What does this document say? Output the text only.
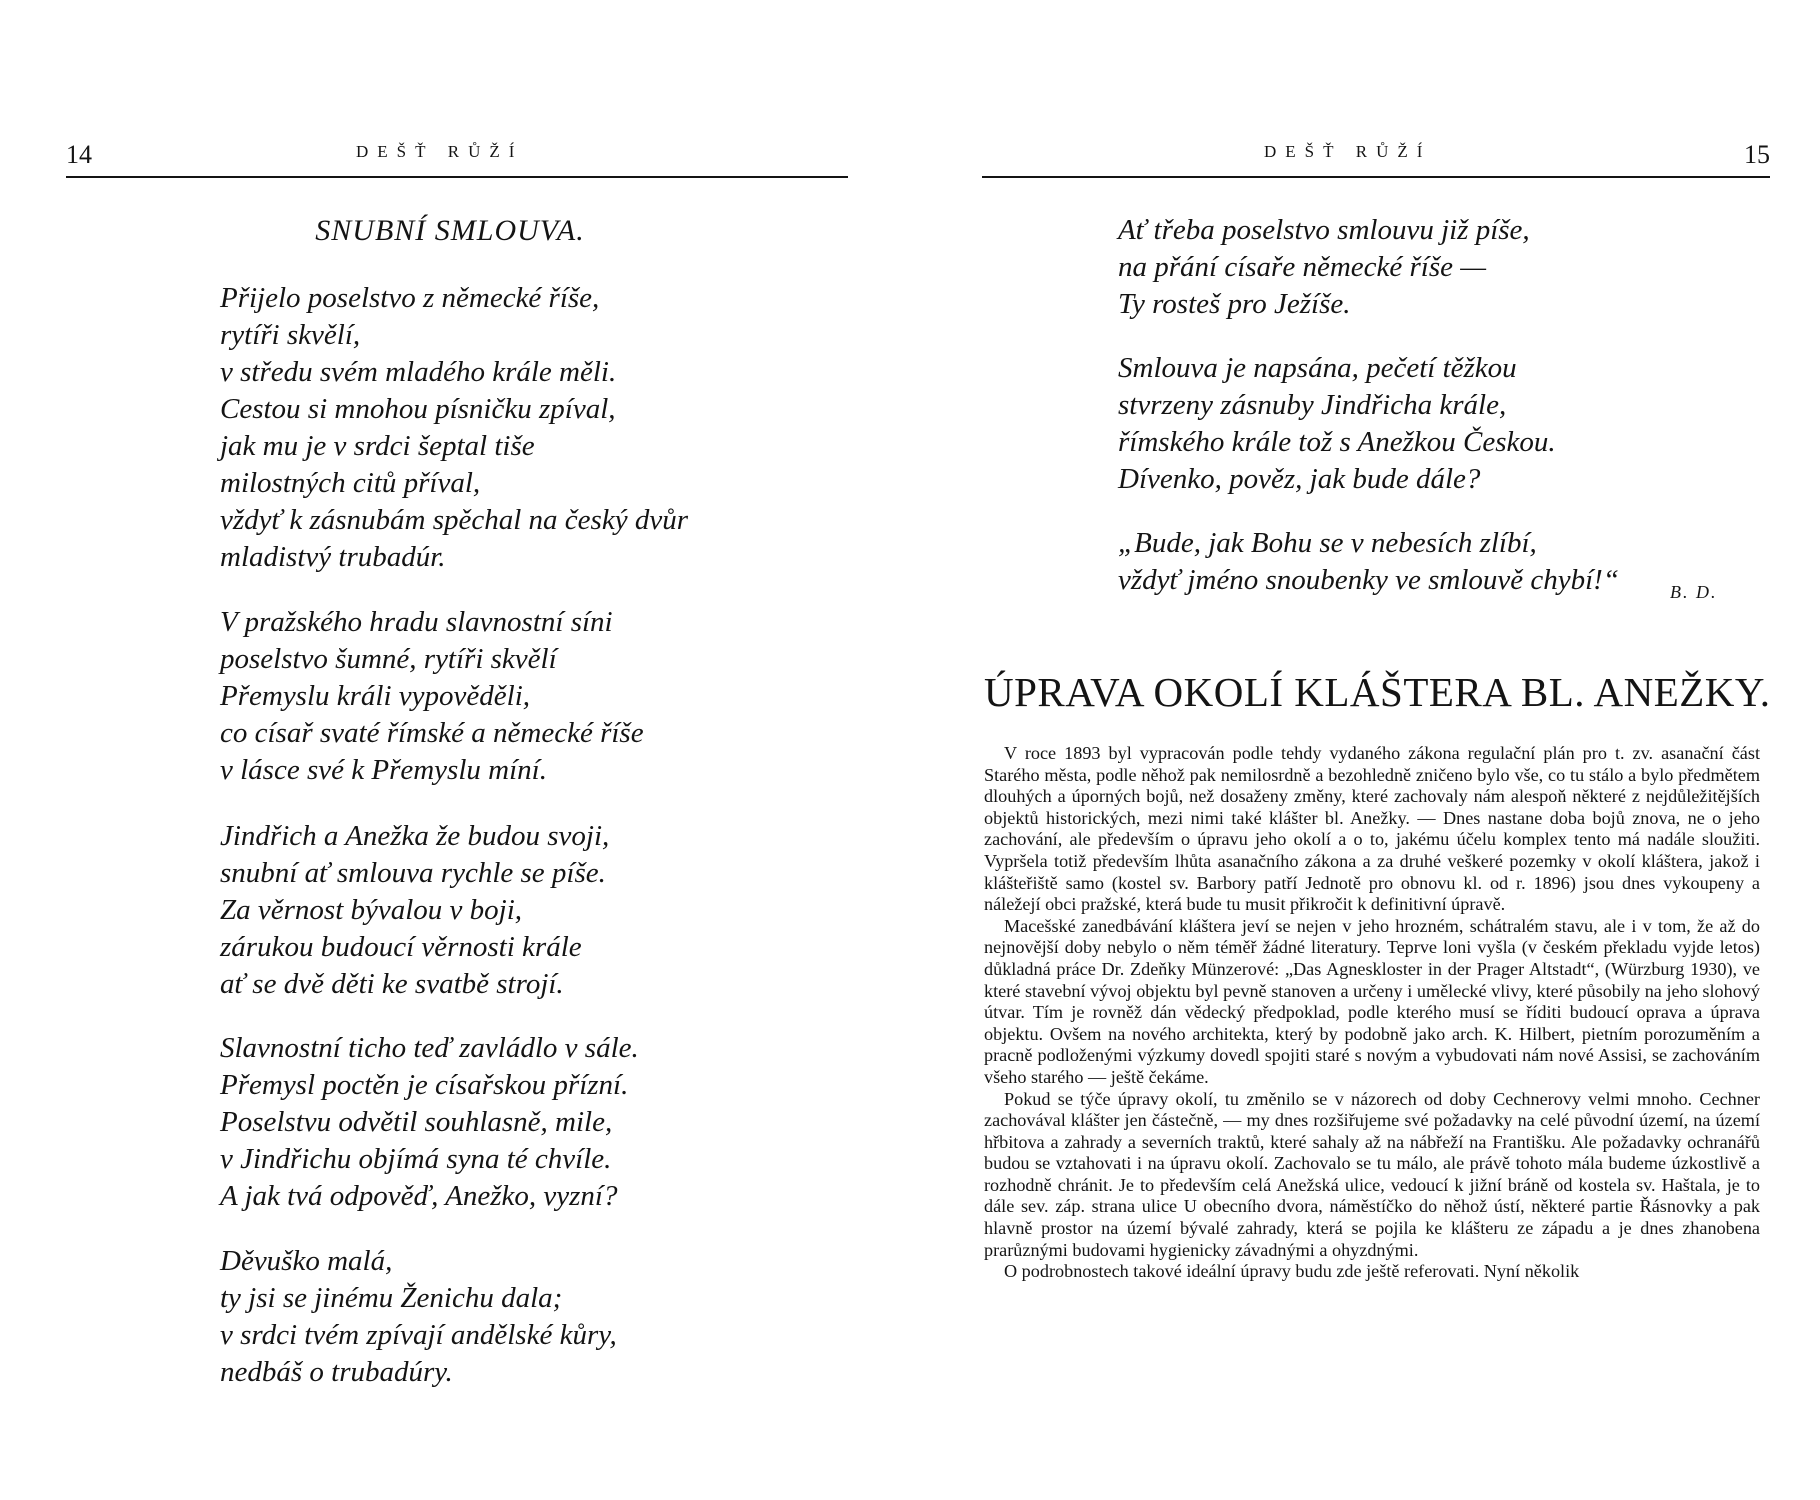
14	DEŠŤ RŮŽÍ
SNUBNÍ SMLOUVA.
Přijelo poselstvo z německé říše,
rytíři skvělí,
v středu svém mladého krále měli.
Cestou si mnohou písničku zpíval,
jak mu je v srdci šeptal tiše
milostných citů příval,
vždyť k zásnubám spěchal na český dvůr
mladistvý trubadúr.
V pražského hradu slavnostní síni
poselstvo šumné, rytíři skvělí
Přemyslu králi vypověděli,
co císař svaté římské a německé říše
v lásce své k Přemyslu míní.
Jindřich a Anežka že budou svoji,
snubní ať smlouva rychle se píše.
Za věrnost bývalou v boji,
zárukou budoucí věrnosti krále
ať se dvě děti ke svatbě strojí.
Slavnostní ticho teď zavládlo v sále.
Přemysl poctěn je císařskou přízní.
Poselstvu odvětil souhlasně, mile,
v Jindřichu objímá syna té chvíle.
A jak tvá odpověď, Anežko, vyzní?
Děvuško malá,
ty jsi se jinému Ženichu dala;
v srdci tvém zpívají andělské kůry,
nedbáš o trubadúry.
DEŠŤ RŮŽÍ	15
Ať třeba poselstvo smlouvu již píše,
na přání císaře německé říše —
Ty rosteš pro Ježíše.
Smlouva je napsána, pečetí těžkou
stvrzeny zásnuby Jindřicha krále,
římského krále tož s Anežkou Českou.
Dívenko, pověz, jak bude dále?
„Bude, jak Bohu se v nebesích zlíbí,
vždyť jméno snoubenky ve smlouvě chybí!“	B. D.
ÚPRAVA OKOLÍ KLÁŠTERA BL. ANEŽKY.

V roce 1893 byl vypracován podle tehdy vydaného zákona regulační plán pro t. zv. asanační část Starého města, podle něhož pak nemilosrdně a bezohledně zničeno bylo vše, co tu stálo a bylo předmětem dlouhých a úporných bojů, než dosaženy změny, které zachovaly nám alespoň některé z nejdůležitějších objektů historických, mezi nimi také klášter bl. Anežky. — Dnes nastane doba bojů znova, ne o jeho zachování, ale především o úpravu jeho okolí a o to, jakému účelu komplex tento má nadále sloužiti. Vypršela totiž především lhůta asanačního zákona a za druhé veškeré pozemky v okolí kláštera, jakož i klášteřiště samo (kostel sv. Barbory patří Jednotě pro obnovu kl. od r. 1896) jsou dnes vykoupeny a náležejí obci pražské, která bude tu musit přikročit k definitivní úpravě.

Macešské zanedbávání kláštera jeví se nejen v jeho hrozném, schátralém stavu, ale i v tom, že až do nejnovější doby nebylo o něm téměř žádné literatury. Teprve loni vyšla (v českém překladu vyjde letos) důkladná práce Dr. Zdeňky Münzerové: „Das Agneskloster in der Prager Altstadt“, (Würzburg 1930), ve které stavební vývoj objektu byl pevně stanoven a určeny i umělecké vlivy, které působily na jeho slohový útvar. Tím je rovněž dán vědecký předpoklad, podle kterého musí se říditi budoucí oprava a úprava objektu. Ovšem na nového architekta, který by podobně jako arch. K. Hilbert, pietním porozuměním a pracně podloženými výzkumy dovedl spojiti staré s novým a vybudovati nám nové Assisi, se zachováním všeho starého — ještě čekáme.

Pokud se týče úpravy okolí, tu změnilo se v názorech od doby Cechnerovy velmi mnoho. Cechner zachovával klášter jen částečně, — my dnes rozšiřujeme své požadavky na celé původní území, na území hřbitova a zahrady a severních traktů, které sahaly až na nábřeží na Františku. Ale požadavky ochranářů budou se vztahovati i na úpravu okolí. Zachovalo se tu málo, ale právě tohoto mála budeme úzkostlivě a rozhodně chránit. Je to především celá Anežská ulice, vedoucí k jižní bráně od kostela sv. Haštala, je to dále sev. záp. strana ulice U obecního dvora, náměstíčko do něhož ústí, některé partie Řásnovky a pak hlavně prostor na území bývalé zahrady, která se pojila ke klášteru ze západu a je dnes zhanobena prarůznými budovami hygienicky závadnými a ohyzdnými.

O podrobnostech takové ideální úpravy budu zde ještě referovati. Nyní několik
